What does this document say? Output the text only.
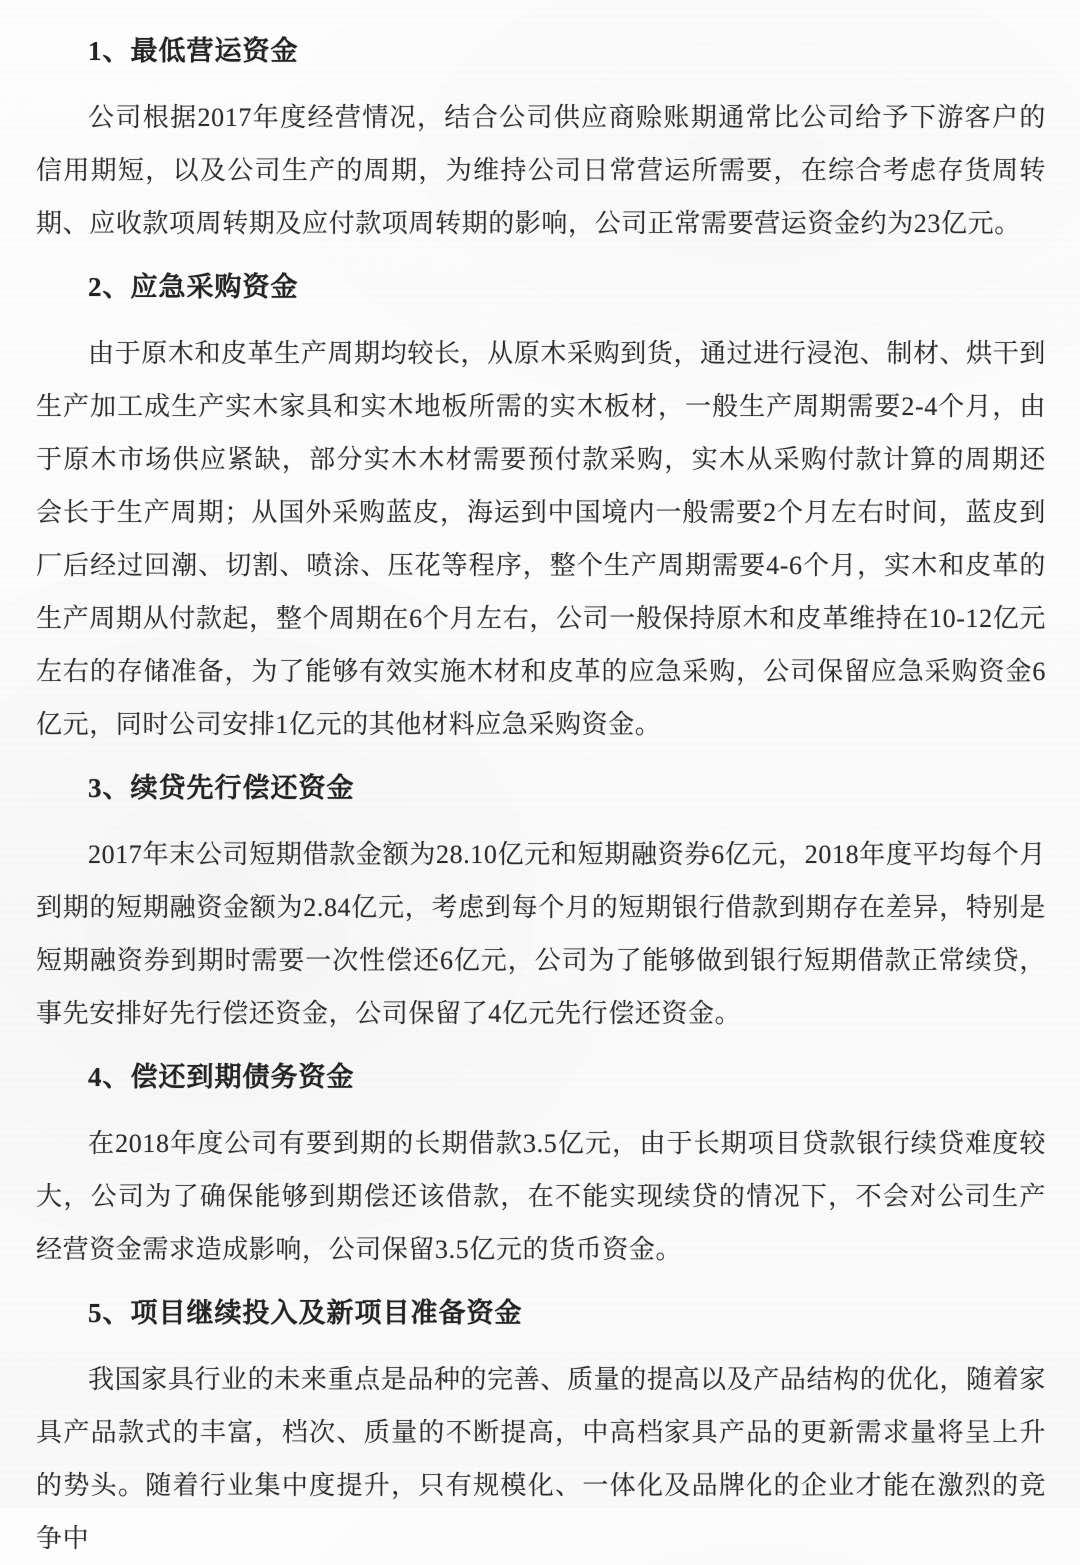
1、最低营运资金

公司根据2017年度经营情况，结合公司供应商赊账期通常比公司给予下游客户的信用期短，以及公司生产的周期，为维持公司日常营运所需要，在综合考虑存货周转期、应收款项周转期及应付款项周转期的影响，公司正常需要营运资金约为23亿元。

2、应急采购资金

由于原木和皮革生产周期均较长，从原木采购到货，通过进行浸泡、制材、烘干到生产加工成生产实木家具和实木地板所需的实木板材，一般生产周期需要2-4个月，由于原木市场供应紧缺，部分实木木材需要预付款采购，实木从采购付款计算的周期还会长于生产周期；从国外采购蓝皮，海运到中国境内一般需要2个月左右时间，蓝皮到厂后经过回潮、切割、喷涂、压花等程序，整个生产周期需要4-6个月，实木和皮革的生产周期从付款起，整个周期在6个月左右，公司一般保持原木和皮革维持在10-12亿元左右的存储准备，为了能够有效实施木材和皮革的应急采购，公司保留应急采购资金6亿元，同时公司安排1亿元的其他材料应急采购资金。

3、续贷先行偿还资金

2017年末公司短期借款金额为28.10亿元和短期融资券6亿元，2018年度平均每个月到期的短期融资金额为2.84亿元，考虑到每个月的短期银行借款到期存在差异，特别是短期融资券到期时需要一次性偿还6亿元，公司为了能够做到银行短期借款正常续贷，事先安排好先行偿还资金，公司保留了4亿元先行偿还资金。

4、偿还到期债务资金

在2018年度公司有要到期的长期借款3.5亿元，由于长期项目贷款银行续贷难度较大，公司为了确保能够到期偿还该借款，在不能实现续贷的情况下，不会对公司生产经营资金需求造成影响，公司保留3.5亿元的货币资金。

5、项目继续投入及新项目准备资金

我国家具行业的未来重点是品种的完善、质量的提高以及产品结构的优化，随着家具产品款式的丰富，档次、质量的不断提高，中高档家具产品的更新需求量将呈上升的势头。随着行业集中度提升，只有规模化、一体化及品牌化的企业才能在激烈的竞争中
